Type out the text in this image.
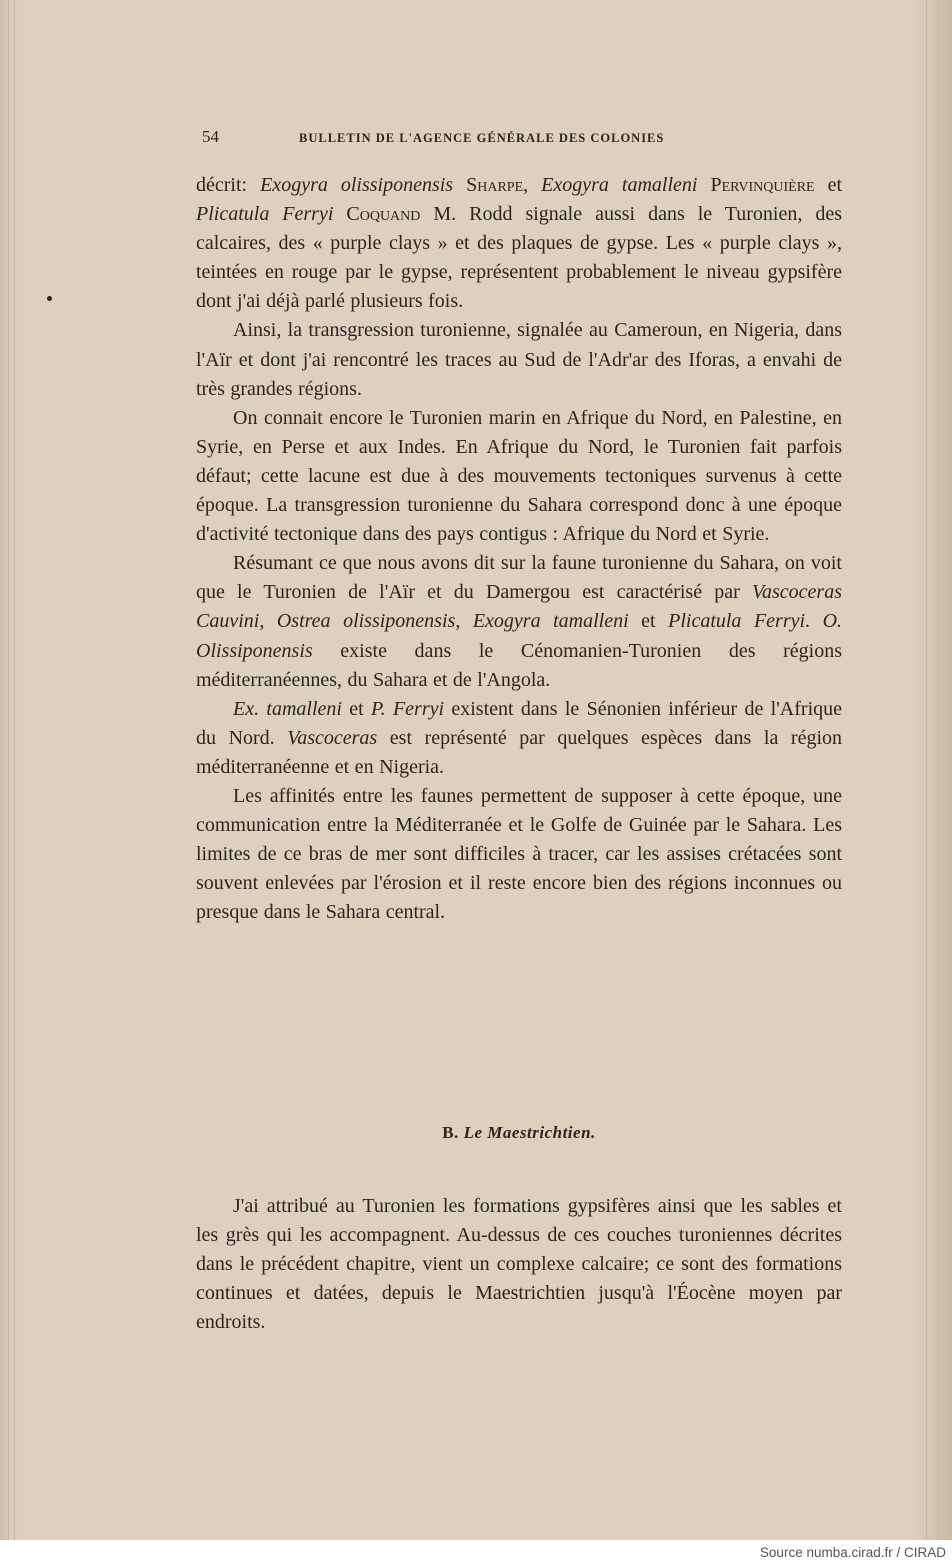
54	BULLETIN DE L'AGENCE GÉNÉRALE DES COLONIES

décrit: Exogyra olissiponensis Sharpe, Exogyra tamalleni Pervinquière et Plicatula Ferryi Coquand M. Rodd signale aussi dans le Turonien, des calcaires, des « purple clays » et des plaques de gypse. Les « purple clays », teintées en rouge par le gypse, représentent probablement le niveau gypsifère dont j'ai déjà parlé plusieurs fois.

Ainsi, la transgression turonienne, signalée au Cameroun, en Nigeria, dans l'Aïr et dont j'ai rencontré les traces au Sud de l'Adr'ar des Iforas, a envahi de très grandes régions.

On connait encore le Turonien marin en Afrique du Nord, en Palestine, en Syrie, en Perse et aux Indes. En Afrique du Nord, le Turonien fait parfois défaut; cette lacune est due à des mouvements tectoniques survenus à cette époque. La transgression turonienne du Sahara correspond donc à une époque d'activité tectonique dans des pays contigus : Afrique du Nord et Syrie.

Résumant ce que nous avons dit sur la faune turonienne du Sahara, on voit que le Turonien de l'Aïr et du Damergou est caractérisé par Vascoceras Cauvini, Ostrea olissiponensis, Exogyra tamalleni et Plicatula Ferryi. O. Olissiponensis existe dans le Cénomanien-Turonien des régions méditerranéennes, du Sahara et de l'Angola.

Ex. tamalleni et P. Ferryi existent dans le Sénonien inférieur de l'Afrique du Nord. Vascoceras est représenté par quelques espèces dans la région méditerranéenne et en Nigeria.

Les affinités entre les faunes permettent de supposer à cette époque, une communication entre la Méditerranée et le Golfe de Guinée par le Sahara. Les limites de ce bras de mer sont difficiles à tracer, car les assises crétacées sont souvent enlevées par l'érosion et il reste encore bien des régions inconnues ou presque dans le Sahara central.

B. Le Maestrichtien.

J'ai attribué au Turonien les formations gypsifères ainsi que les sables et les grès qui les accompagnent. Au-dessus de ces couches turoniennes décrites dans le précédent chapitre, vient un complexe calcaire; ce sont des formations continues et datées, depuis le Maestrichtien jusqu'à l'Éocène moyen par endroits.

Source numba.cirad.fr / CIRAD
